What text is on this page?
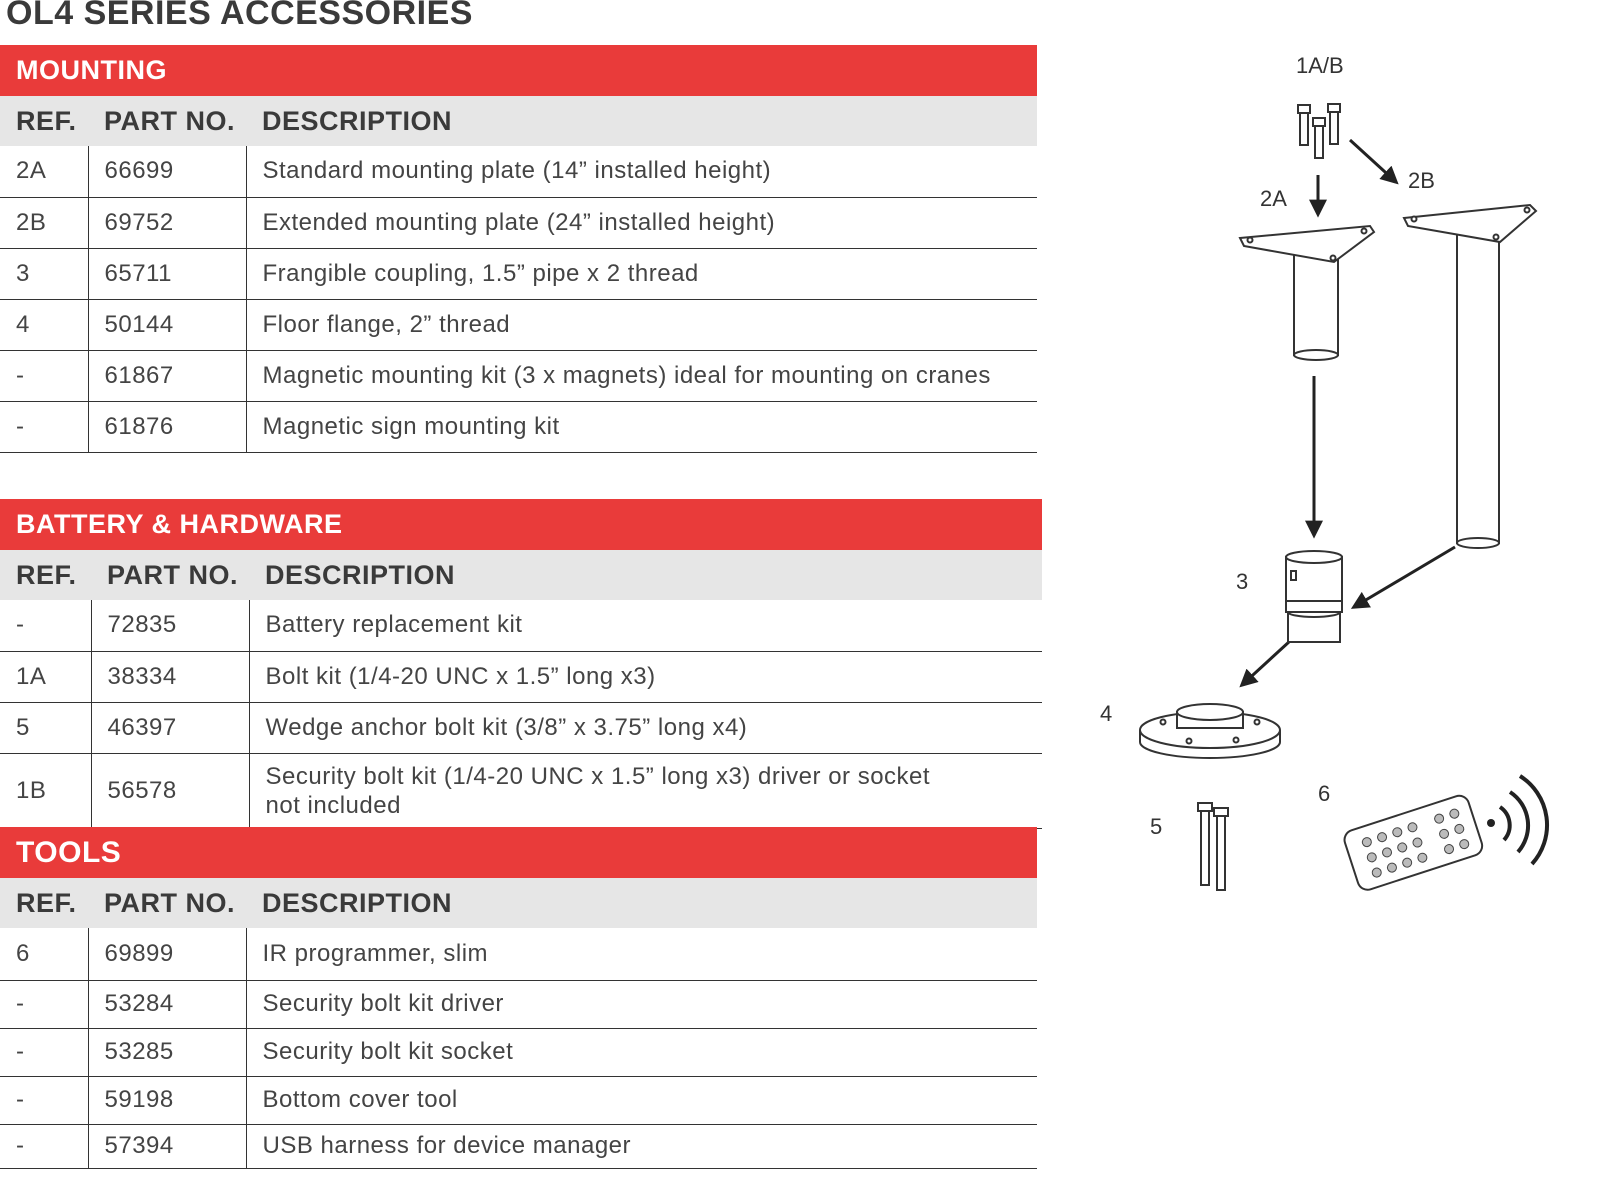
OL4 SERIES ACCESSORIES
MOUNTING
REF.	PART NO.	DESCRIPTION
2A	66699	Standard mounting plate (14” installed height)
2B	69752	Extended mounting plate (24” installed height)
3	65711	Frangible coupling, 1.5” pipe x 2 thread
4	50144	Floor flange, 2” thread
-	61867	Magnetic mounting kit (3 x magnets) ideal for mounting on cranes
-	61876	Magnetic sign mounting kit
BATTERY & HARDWARE
REF.	PART NO.	DESCRIPTION
-	72835	Battery replacement kit
1A	38334	Bolt kit (1/4-20 UNC x 1.5” long x3)
5	46397	Wedge anchor bolt kit (3/8” x 3.75” long x4)
1B	56578	Security bolt kit (1/4-20 UNC x 1.5” long x3) driver or socket not included
TOOLS
REF.	PART NO.	DESCRIPTION
6	69899	IR programmer, slim
-	53284	Security bolt kit driver
-	53285	Security bolt kit socket
-	59198	Bottom cover tool
-	57394	USB harness for device manager
1A/B
2A
2B
3
4
5
6
